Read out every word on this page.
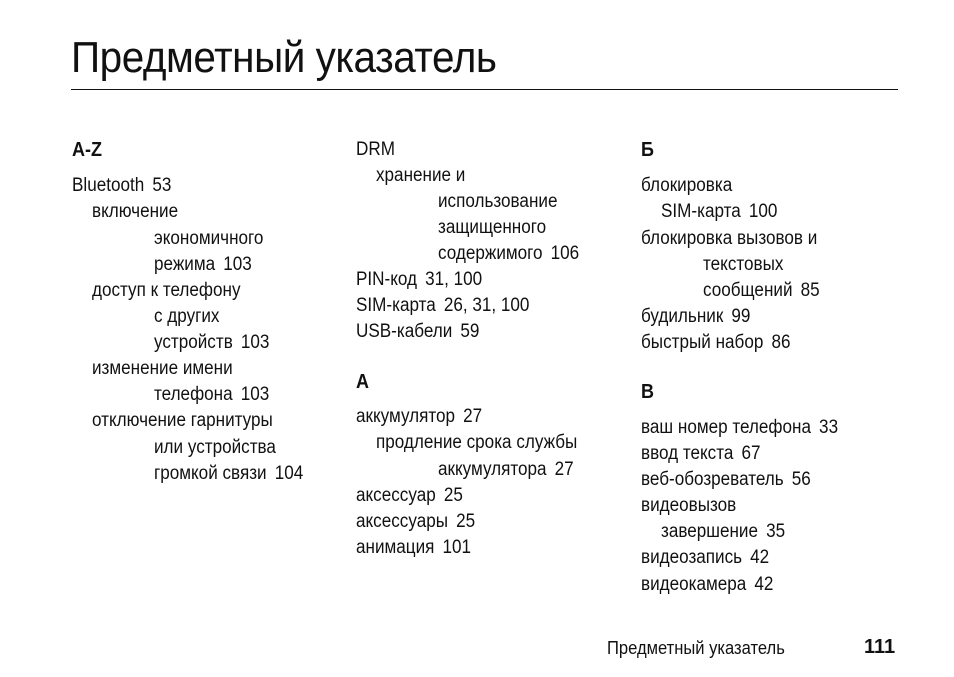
Предметный указатель
A-Z
Bluetooth 53
включение
экономичного
режима 103
доступ к телефону
с других
устройств 103
изменение имени
телефона 103
отключение гарнитуры
или устройства
громкой связи 104
DRM
хранение и
использование
защищенного
содержимого 106
PIN-код 31, 100
SIM-карта 26, 31, 100
USB-кабели 59
А
аккумулятор 27
продление срока службы
аккумулятора 27
аксессуар 25
аксессуары 25
анимация 101
Б
блокировка
SIM-карта 100
блокировка вызовов и
текстовых
сообщений 85
будильник 99
быстрый набор 86
В
ваш номер телефона 33
ввод текста 67
веб-обозреватель 56
видеовызов
завершение 35
видеозапись 42
видеокамера 42
Предметный указатель	111
